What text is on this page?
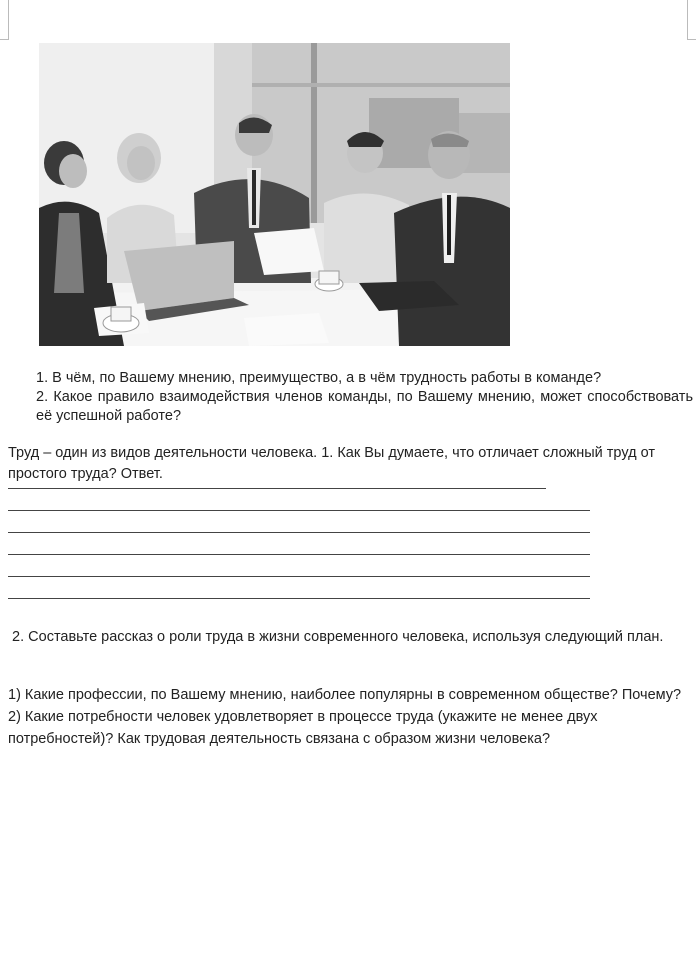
1. В чём, по Вашему мнению, преимущество, а в чём трудность работы в команде?

2. Какое правило взаимодействия членов команды, по Вашему мнению, может способствовать её успешной работе?

Труд – один из видов деятельности человека. 1. Как Вы думаете, что отличает сложный труд от простого труда? Ответ.

2. Составьте рассказ о роли труда в жизни современного человека, используя следующий план.

1) Какие профессии, по Вашему мнению, наиболее популярны в современном обществе? Почему? 2) Какие потребности человек удовлетворяет в процессе труда (укажите не менее двух потребностей)? Как трудовая деятельность связана с образом жизни человека?
